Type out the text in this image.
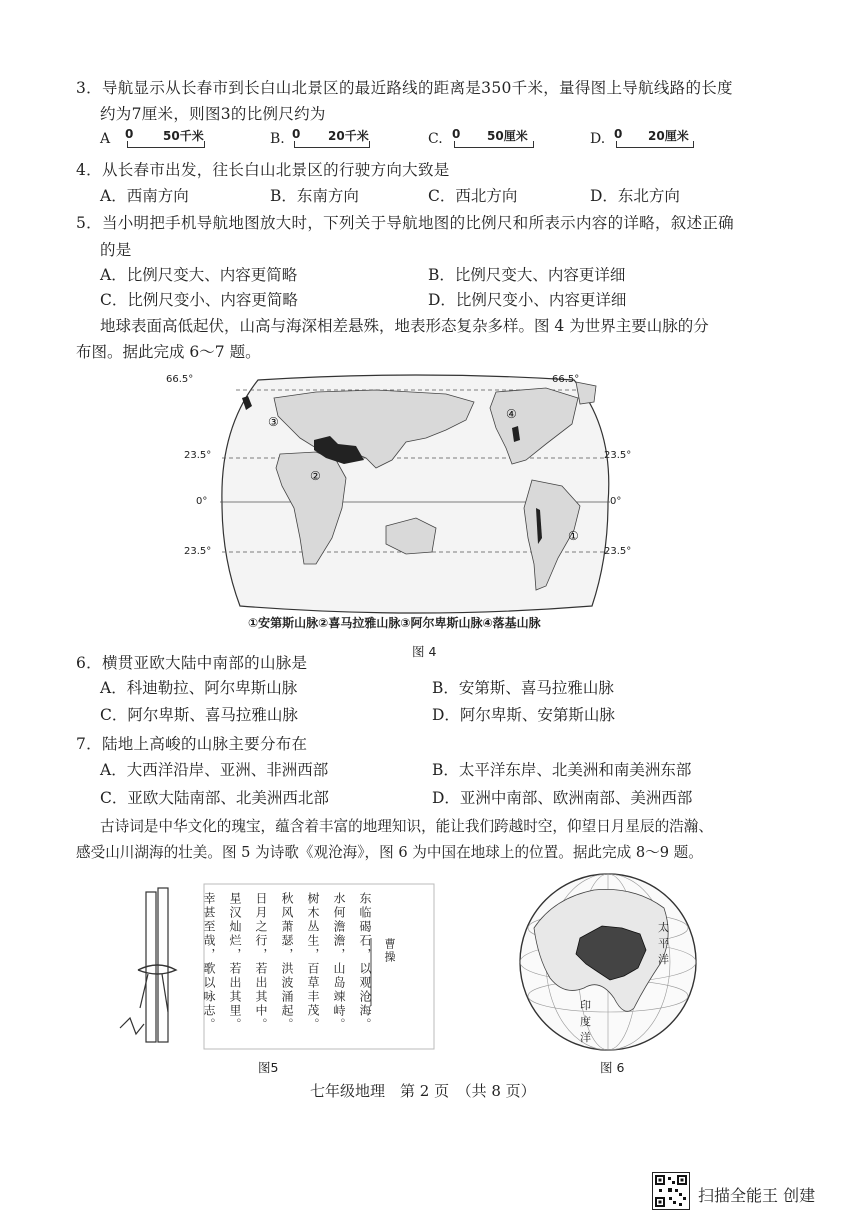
3．导航显示从长春市到长白山北景区的最近路线的距离是350千米，量得图上导航线路的长度
约为7厘米，则图3的比例尺约为
A 0 50千米	B. 0 20千米	C. 0 50厘米	D. 0 20厘米
4．从长春市出发，往长白山北景区的行驶方向大致是
A．西南方向	B．东南方向	C．西北方向	D．东北方向
5．当小明把手机导航地图放大时，下列关于导航地图的比例尺和所表示内容的详略，叙述正确
的是
A．比例尺变大、内容更简略	B．比例尺变大、内容更详细
C．比例尺变小、内容更简略	D．比例尺变小、内容更详细
地球表面高低起伏，山高与海深相差悬殊，地表形态复杂多样。图 4 为世界主要山脉的分
布图。据此完成 6～7 题。
③
②
④
①
66.5°	66.5°
23.5°	23.5°
0°	0°
23.5°	23.5°
①安第斯山脉②喜马拉雅山脉③阿尔卑斯山脉④落基山脉
图 4
6．横贯亚欧大陆中南部的山脉是
A．科迪勒拉、阿尔卑斯山脉	B．安第斯、喜马拉雅山脉
C．阿尔卑斯、喜马拉雅山脉	D．阿尔卑斯、安第斯山脉
7．陆地上高峻的山脉主要分布在
A．大西洋沿岸、亚洲、非洲西部	B．太平洋东岸、北美洲和南美洲东部
C．亚欧大陆南部、北美洲西北部	D．亚洲中南部、欧洲南部、美洲西部
古诗词是中华文化的瑰宝，蕴含着丰富的地理知识，能让我们跨越时空，仰望日月星辰的浩瀚、
感受山川湖海的壮美。图 5 为诗歌《观沧海》，图 6 为中国在地球上的位置。据此完成 8～9 题。
东临碣石，以观沧海。
水何澹澹，山岛竦峙。
树木丛生，百草丰茂。
秋风萧瑟，洪波涌起。
日月之行，若出其中。
星汉灿烂，若出其里。
幸甚至哉，歌以咏志。	曹操
图5
太
平
洋
印
度
洋
图 6
七年级地理　第 2 页　（共 8 页）
扫描全能王 创建
